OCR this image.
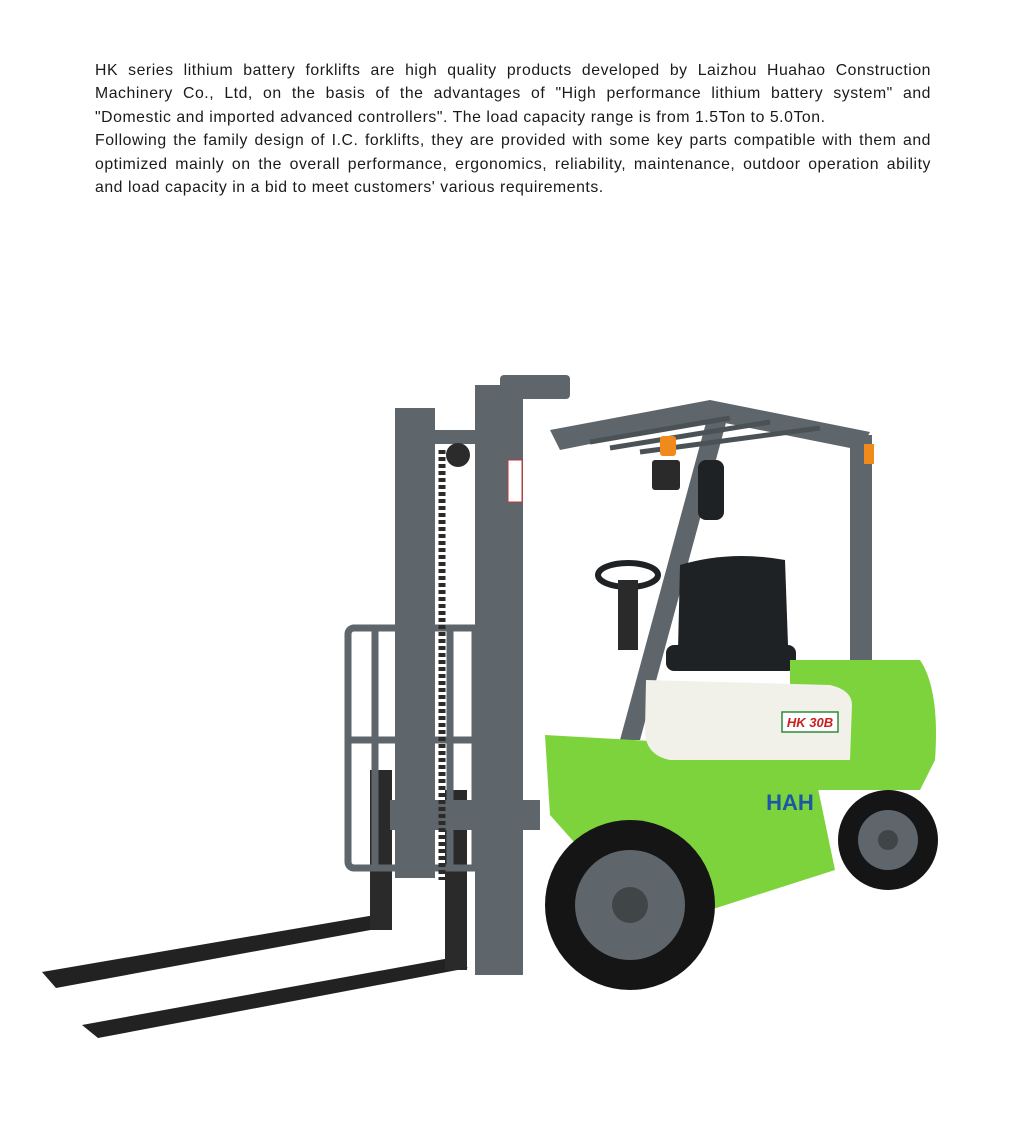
HK series lithium battery forklifts are high quality products developed by Laizhou Huahao Construction Machinery Co., Ltd, on the basis of the advantages of "High performance lithium battery system" and "Domestic and imported advanced controllers". The load capacity range is from 1.5Ton to 5.0Ton.

Following the family design of I.C. forklifts, they are provided with some key parts compatible with them and optimized mainly on the overall performance, ergonomics, reliability, maintenance, outdoor operation ability and load capacity in a bid to meet customers' various requirements.

HK 30B
HAH
